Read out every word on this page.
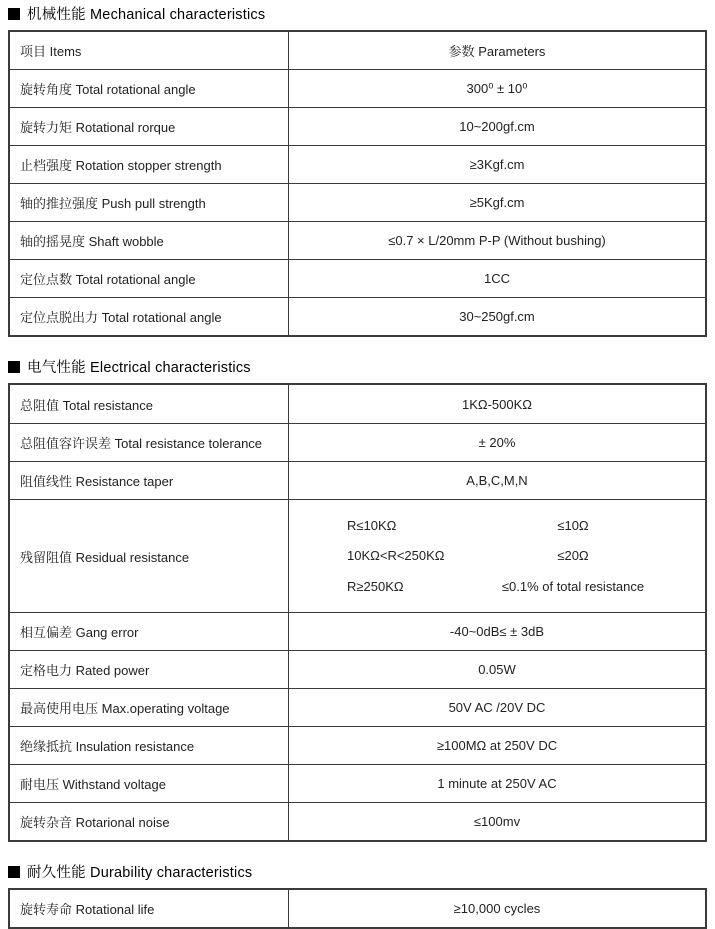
机械性能 Mechanical characteristics
项目 Items	参数 Parameters
旋转角度 Total rotational angle	300⁰ ± 10⁰
旋转力矩 Rotational rorque	10~200gf.cm
止档强度 Rotation stopper strength	≥3Kgf.cm
轴的推拉强度 Push pull strength	≥5Kgf.cm
轴的摇晃度 Shaft wobble	≤0.7 × L/20mm P-P (Without bushing)
定位点数 Total rotational angle	1CC
定位点脱出力 Total rotational angle	30~250gf.cm
电气性能 Electrical characteristics
总阻值 Total resistance	1KΩ-500KΩ
总阻值容许误差 Total resistance tolerance	± 20%
阻值线性 Resistance taper	A,B,C,M,N
残留阻值 Residual resistance
R≤10KΩ	≤10Ω
10KΩ<R<250KΩ	≤20Ω
R≥250KΩ	≤0.1% of total resistance
相互偏差 Gang error	-40~0dB≤ ± 3dB
定格电力 Rated power	0.05W
最高使用电压 Max.operating voltage	50V AC /20V DC
绝缘抵抗 Insulation resistance	≥100MΩ at 250V DC
耐电压 Withstand voltage	1 minute at 250V AC
旋转杂音 Rotarional noise	≤100mv
耐久性能 Durability characteristics
旋转寿命 Rotational life	≥10,000 cycles
